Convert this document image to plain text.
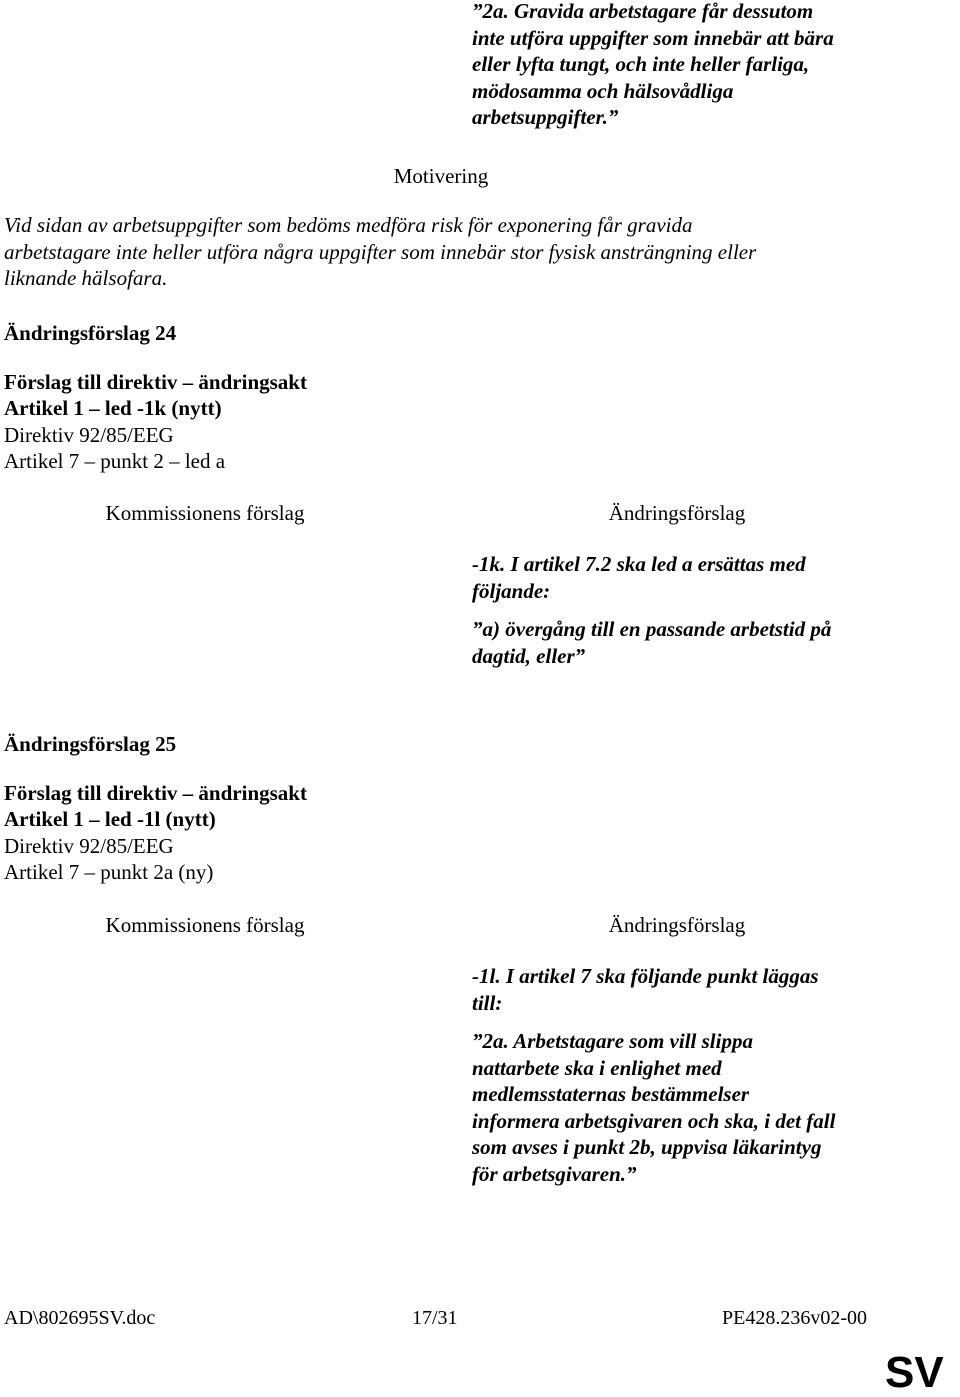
”2a. Gravida arbetstagare får dessutom
inte utföra uppgifter som innebär att bära
eller lyfta tungt, och inte heller farliga,
mödosamma och hälsovådliga
arbetsuppgifter.”
Motivering
Vid sidan av arbetsuppgifter som bedöms medföra risk för exponering får gravida
arbetstagare inte heller utföra några uppgifter som innebär stor fysisk ansträngning eller
liknande hälsofara.
Ändringsförslag 24
Förslag till direktiv – ändringsakt
Artikel 1 – led -1k (nytt)
Direktiv 92/85/EEG
Artikel 7 – punkt 2 – led a
Kommissionens förslag	Ändringsförslag
-1k. I artikel 7.2 ska led a ersättas med
följande:
”a) övergång till en passande arbetstid på
dagtid, eller”
Ändringsförslag 25
Förslag till direktiv – ändringsakt
Artikel 1 – led -1l (nytt)
Direktiv 92/85/EEG
Artikel 7 – punkt 2a (ny)
Kommissionens förslag	Ändringsförslag
-1l. I artikel 7 ska följande punkt läggas
till:
”2a. Arbetstagare som vill slippa
nattarbete ska i enlighet med
medlemsstaternas bestämmelser
informera arbetsgivaren och ska, i det fall
som avses i punkt 2b, uppvisa läkarintyg
för arbetsgivaren.”
AD\802695SV.doc	17/31	PE428.236v02-00
SV
